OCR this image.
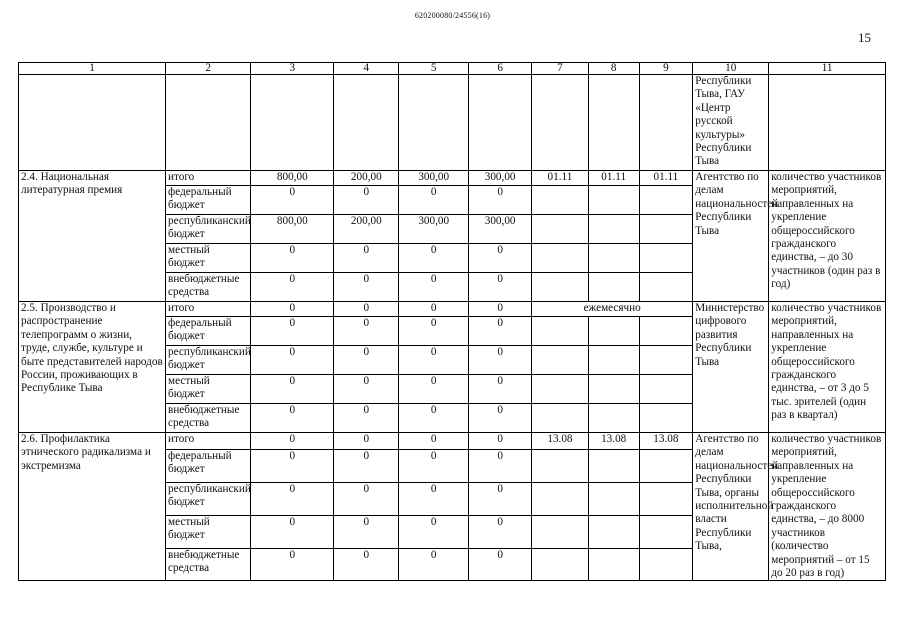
620200080/24556(16)
15
1	2	3	4	5	6	7	8	9	10	11
									Республики Тыва, ГАУ «Центр русской культуры» Республики Тыва	
2.4. Национальная литературная премия	итого	800,00	200,00	300,00	300,00	01.11	01.11	01.11	Агентство по делам национальностей Республики Тыва	количество участников мероприятий, направленных на укрепление общероссийского гражданского единства, – до 30 участников (один раз в год)
	федеральный бюджет	0	0	0	0					
	республиканский бюджет	800,00	200,00	300,00	300,00					
	местный бюджет	0	0	0	0					
	внебюджетные средства	0	0	0	0					
2.5. Производство и распространение телепрограмм о жизни, труде, службе, культуре и быте представителей народов России, проживающих в Республике Тыва	итого	0	0	0	0	ежемесячно			Министерство цифрового развития Республики Тыва	количество участников мероприятий, направленных на укрепление общероссийского гражданского единства, – от 3 до 5 тыс. зрителей (один раз в квартал)
	федеральный бюджет	0	0	0	0					
	республиканский бюджет	0	0	0	0					
	местный бюджет	0	0	0	0					
	внебюджетные средства	0	0	0	0					
2.6. Профилактика этнического радикализма и экстремизма	итого	0	0	0	0	13.08	13.08	13.08	Агентство по делам национальностей Республики Тыва, органы исполнительной власти Республики Тыва,	количество участников мероприятий, направленных на укрепление общероссийского гражданского единства, – до 8000 участников (количество мероприятий – от 15 до 20 раз в год)
	федеральный бюджет	0	0	0	0					
	республиканский бюджет	0	0	0	0					
	местный бюджет	0	0	0	0					
	внебюджетные средства	0	0	0	0					
